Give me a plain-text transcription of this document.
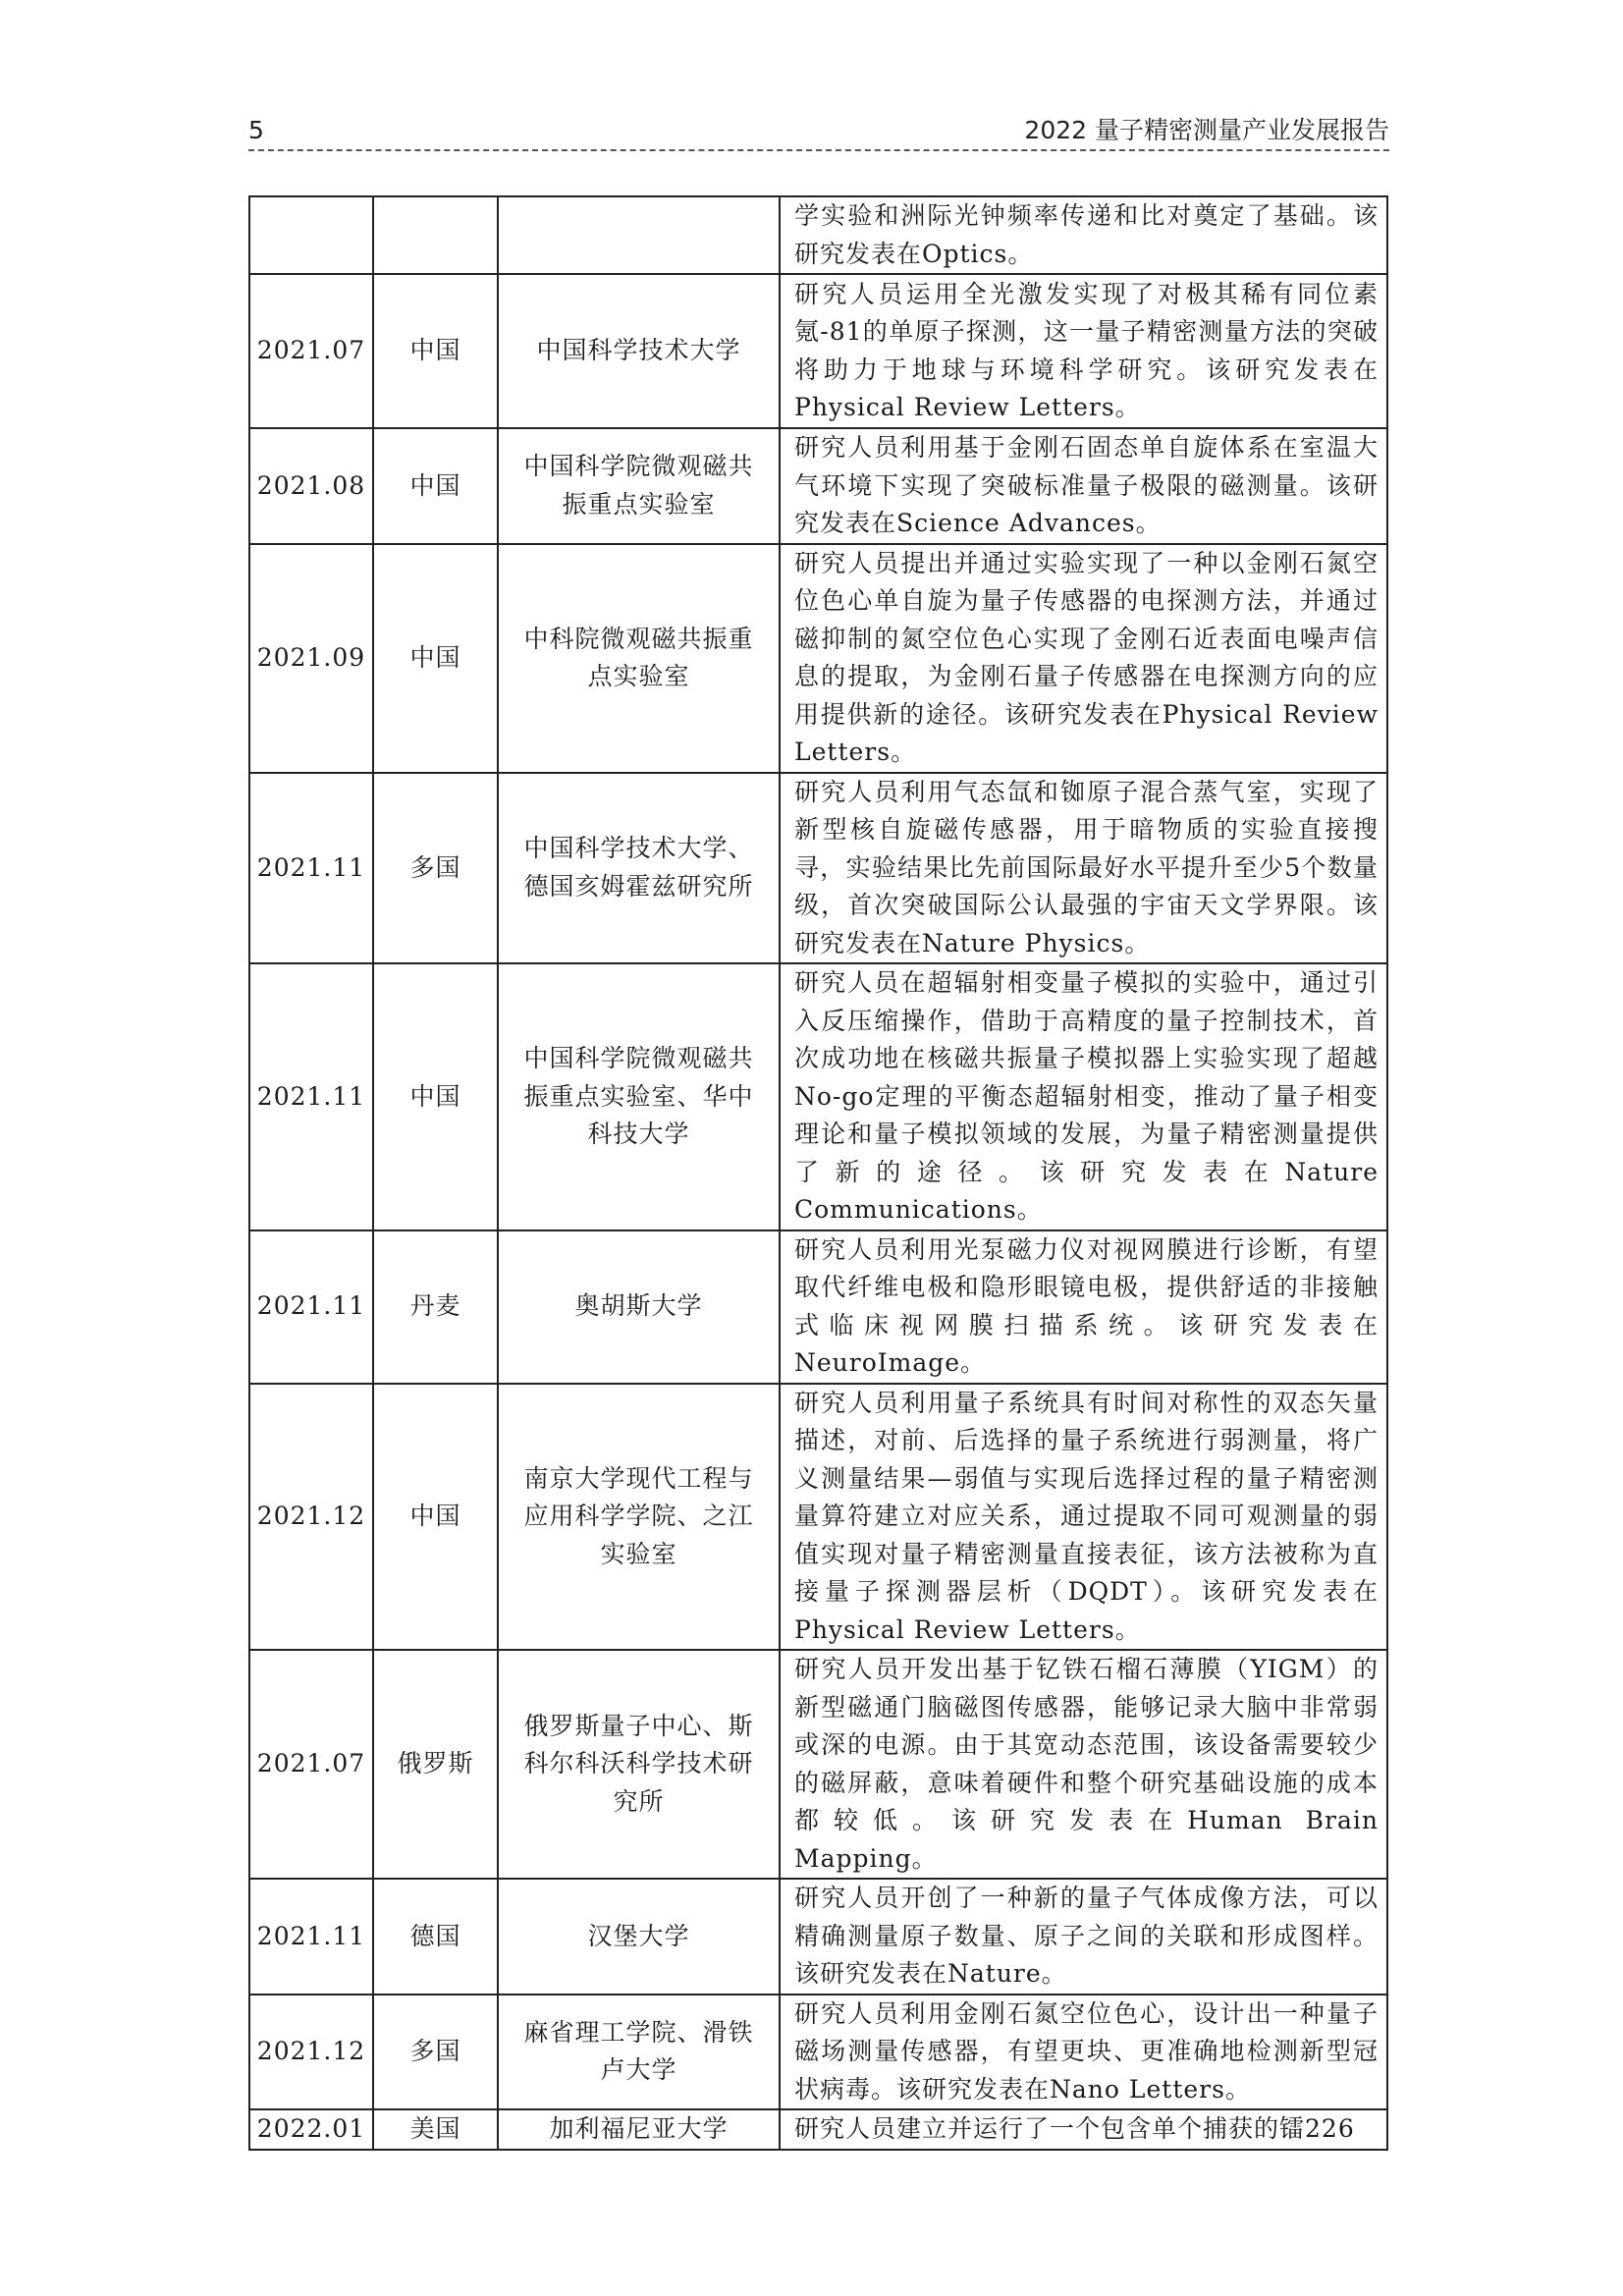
5	2022 量子精密测量产业发展报告
			学实验和洲际光钟频率传递和比对奠定了基础。该研究发表在Optics。
2021.07	中国	中国科学技术大学	研究人员运用全光激发实现了对极其稀有同位素氪-81的单原子探测，这一量子精密测量方法的突破将助力于地球与环境科学研究。该研究发表在Physical Review Letters。
2021.08	中国	中国科学院微观磁共振重点实验室	研究人员利用基于金刚石固态单自旋体系在室温大气环境下实现了突破标准量子极限的磁测量。该研究发表在Science Advances。
2021.09	中国	中科院微观磁共振重点实验室	研究人员提出并通过实验实现了一种以金刚石氮空位色心单自旋为量子传感器的电探测方法，并通过磁抑制的氮空位色心实现了金刚石近表面电噪声信息的提取，为金刚石量子传感器在电探测方向的应用提供新的途径。该研究发表在Physical Review Letters。
2021.11	多国	中国科学技术大学、德国亥姆霍兹研究所	研究人员利用气态氙和铷原子混合蒸气室，实现了新型核自旋磁传感器，用于暗物质的实验直接搜寻，实验结果比先前国际最好水平提升至少5个数量级，首次突破国际公认最强的宇宙天文学界限。该研究发表在Nature Physics。
2021.11	中国	中国科学院微观磁共振重点实验室、华中科技大学	研究人员在超辐射相变量子模拟的实验中，通过引入反压缩操作，借助于高精度的量子控制技术，首次成功地在核磁共振量子模拟器上实验实现了超越No-go定理的平衡态超辐射相变，推动了量子相变理论和量子模拟领域的发展，为量子精密测量提供了新的途径。该研究发表在Nature Communications。
2021.11	丹麦	奥胡斯大学	研究人员利用光泵磁力仪对视网膜进行诊断，有望取代纤维电极和隐形眼镜电极，提供舒适的非接触式临床视网膜扫描系统。该研究发表在NeuroImage。
2021.12	中国	南京大学现代工程与应用科学学院、之江实验室	研究人员利用量子系统具有时间对称性的双态矢量描述，对前、后选择的量子系统进行弱测量，将广义测量结果—弱值与实现后选择过程的量子精密测量算符建立对应关系，通过提取不同可观测量的弱值实现对量子精密测量直接表征，该方法被称为直接量子探测器层析（DQDT）。该研究发表在Physical Review Letters。
2021.07	俄罗斯	俄罗斯量子中心、斯科尔科沃科学技术研究所	研究人员开发出基于钇铁石榴石薄膜（YIGM）的新型磁通门脑磁图传感器，能够记录大脑中非常弱或深的电源。由于其宽动态范围，该设备需要较少的磁屏蔽，意味着硬件和整个研究基础设施的成本都较低。该研究发表在Human Brain Mapping。
2021.11	德国	汉堡大学	研究人员开创了一种新的量子气体成像方法，可以精确测量原子数量、原子之间的关联和形成图样。该研究发表在Nature。
2021.12	多国	麻省理工学院、滑铁卢大学	研究人员利用金刚石氮空位色心，设计出一种量子磁场测量传感器，有望更块、更准确地检测新型冠状病毒。该研究发表在Nano Letters。
2022.01	美国	加利福尼亚大学	研究人员建立并运行了一个包含单个捕获的镭226
